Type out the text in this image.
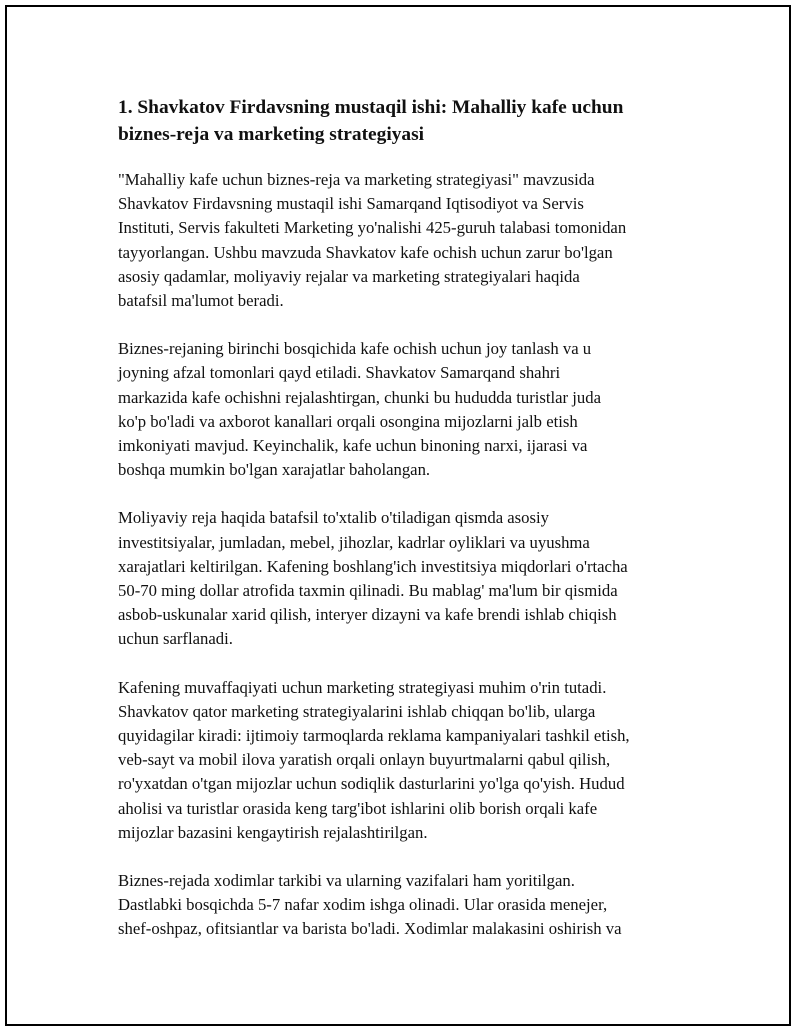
1. Shavkatov Firdavsning mustaqil ishi: Mahalliy kafe uchun
biznes-reja va marketing strategiyasi

"Mahalliy kafe uchun biznes-reja va marketing strategiyasi" mavzusida
Shavkatov Firdavsning mustaqil ishi Samarqand Iqtisodiyot va Servis
Instituti, Servis fakulteti Marketing yo'nalishi 425-guruh talabasi tomonidan
tayyorlangan. Ushbu mavzuda Shavkatov kafe ochish uchun zarur bo'lgan
asosiy qadamlar, moliyaviy rejalar va marketing strategiyalari haqida
batafsil ma'lumot beradi.

Biznes-rejaning birinchi bosqichida kafe ochish uchun joy tanlash va u
joyning afzal tomonlari qayd etiladi. Shavkatov Samarqand shahri
markazida kafe ochishni rejalashtirgan, chunki bu hududda turistlar juda
ko'p bo'ladi va axborot kanallari orqali osongina mijozlarni jalb etish
imkoniyati mavjud. Keyinchalik, kafe uchun binoning narxi, ijarasi va
boshqa mumkin bo'lgan xarajatlar baholangan.

Moliyaviy reja haqida batafsil to'xtalib o'tiladigan qismda asosiy
investitsiyalar, jumladan, mebel, jihozlar, kadrlar oyliklari va uyushma
xarajatlari keltirilgan. Kafening boshlang'ich investitsiya miqdorlari o'rtacha
50-70 ming dollar atrofida taxmin qilinadi. Bu mablag' ma'lum bir qismida
asbob-uskunalar xarid qilish, interyer dizayni va kafe brendi ishlab chiqish
uchun sarflanadi.

Kafening muvaffaqiyati uchun marketing strategiyasi muhim o'rin tutadi.
Shavkatov qator marketing strategiyalarini ishlab chiqqan bo'lib, ularga
quyidagilar kiradi: ijtimoiy tarmoqlarda reklama kampaniyalari tashkil etish,
veb-sayt va mobil ilova yaratish orqali onlayn buyurtmalarni qabul qilish,
ro'yxatdan o'tgan mijozlar uchun sodiqlik dasturlarini yo'lga qo'yish. Hudud
aholisi va turistlar orasida keng targ'ibot ishlarini olib borish orqali kafe
mijozlar bazasini kengaytirish rejalashtirilgan.

Biznes-rejada xodimlar tarkibi va ularning vazifalari ham yoritilgan.
Dastlabki bosqichda 5-7 nafar xodim ishga olinadi. Ular orasida menejer,
shef-oshpaz, ofitsiantlar va barista bo'ladi. Xodimlar malakasini oshirish va
